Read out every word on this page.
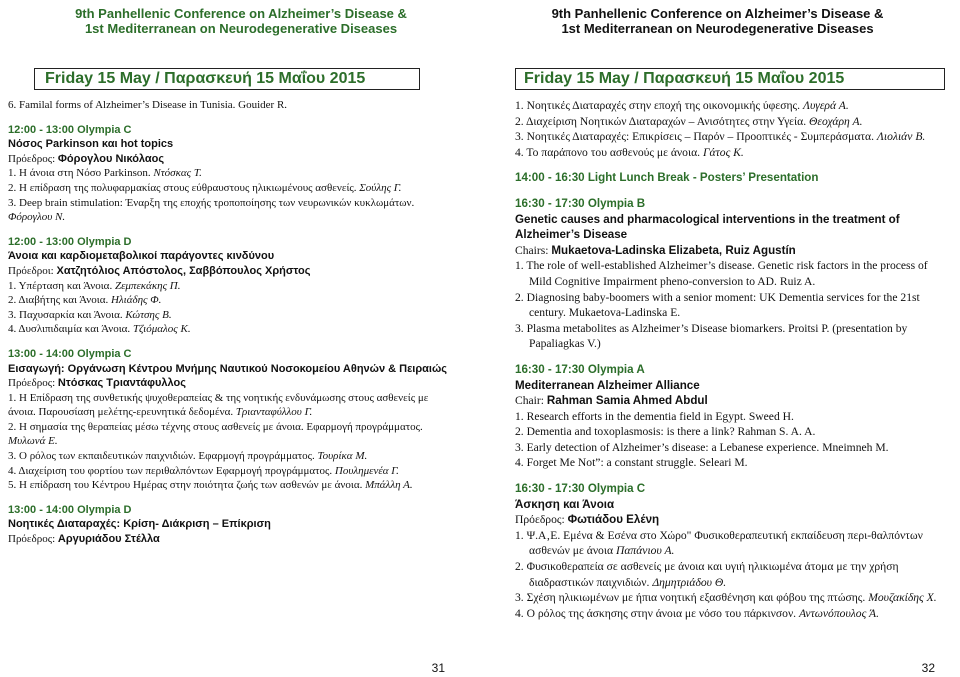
9th Panhellenic Conference on Alzheimer’s Disease &
1st Mediterranean on Neurodegenerative Diseases
Friday 15 May / Παρασκευή 15 Μαΐου 2015

6. Familal forms of Alzheimer’s Disease in Tunisia. Gouider R.

12:00 - 13:00 Olympia C

Νόσος Parkinson και hot topics

Πρόεδρος: Φόρογλου Νικόλαος

1. Η άνοια στη Νόσο Parkinson. Ντόσκας Τ.

2. Η επίδραση της πολυφαρμακίας στους εύθραυστους ηλικιωμένους ασθενείς. Σούλης Γ.

3. Deep brain stimulation: Έναρξη της εποχής τροποποίησης των νευρωνικών κυκλωμάτων. Φόρογλου Ν.

12:00 - 13:00 Olympia D

Άνοια και καρδιομεταβολικοί παράγοντες κινδύνου

Πρόεδροι: Χατζητόλιος Απόστολος, Σαββόπουλος Χρήστος

1. Υπέρταση και Άνοια. Ζεμπεκάκης Π.

2. Διαβήτης και Άνοια. Ηλιάδης Φ.

3. Παχυσαρκία και Άνοια. Κώτσης Β.

4. Δυσλιπιδαιμία και Άνοια. Τζιόμαλος Κ.

13:00 - 14:00 Olympia C

Εισαγωγή: Οργάνωση Κέντρου Μνήμης Ναυτικού Νοσοκομείου Αθηνών & Πειραιώς

Πρόεδρος: Ντόσκας Τριαντάφυλλος

1. Η Επίδραση της συνθετικής ψυχοθεραπείας & της νοητικής ενδυνάμωσης στους ασθενείς με άνοια. Παρουσίαση μελέτης-ερευνητικά δεδομένα. Τριανταφύλλου Γ.

2. Η σημασία της θεραπείας μέσω τέχνης στους ασθενείς με άνοια. Εφαρμογή προγράμματος. Μυλωνά Ε.

3. Ο ρόλος των εκπαιδευτικών παιχνιδιών. Εφαρμογή προγράμματος. Τουρίκα Μ.

4. Διαχείριση του φορτίου των περιθαλπόντων Εφαρμογή προγράμματος. Πουλημενέα Γ.

5. Η επίδραση του Κέντρου Ημέρας στην ποιότητα ζωής των ασθενών με άνοια. Μπάλλη Α.

13:00 - 14:00 Olympia D

Νοητικές Διαταραχές: Κρίση- Διάκριση – Επίκριση

Πρόεδρος: Αργυριάδου Στέλλα

31
9th Panhellenic Conference on Alzheimer’s Disease &
1st Mediterranean on Neurodegenerative Diseases
Friday 15 May / Παρασκευή 15 Μαΐου 2015

1. Νοητικές Διαταραχές στην εποχή της οικονομικής ύφεσης. Λυγερά Α.

2. Διαχείριση Νοητικών Διαταραχών – Ανισότητες στην Υγεία. Θεοχάρη Α.

3. Νοητικές Διαταραχές: Επικρίσεις – Παρόν – Προοπτικές - Συμπεράσματα. Λιολιάν Β.

4. Το παράπονο του ασθενούς με άνοια. Γάτος Κ.

14:00 - 16:30 Light Lunch Break - Posters’ Presentation

16:30 - 17:30 Olympia B

Genetic causes and pharmacological interventions in the treatment of Alzheimer’s Disease

Chairs: Mukaetova-Ladinska Elizabeta, Ruiz Agustín

1. The role of well-established Alzheimer’s disease. Genetic risk factors in the process of Mild Cognitive Impairment pheno-conversion to AD. Ruiz A.

2. Diagnosing baby-boomers with a senior moment: UK Dementia services for the 21st century. Mukaetova-Ladinska E.

3. Plasma metabolites as Alzheimer’s Disease biomarkers. Proitsi P. (presentation by Papaliagkas V.)

16:30 - 17:30 Olympia A

Mediterranean Alzheimer Alliance

Chair: Rahman Samia Ahmed Abdul

1. Research efforts in the dementia field in Egypt. Sweed H.

2. Dementia and toxoplasmosis: is there a link? Rahman S. A. A.

3. Early detection of Alzheimer’s disease: a Lebanese experience. Mneimneh M.

4. Forget Me Not”: a constant struggle. Seleari M.

16:30 - 17:30 Olympia C

Άσκηση και Άνοια

Πρόεδρος: Φωτιάδου Ελένη

1. Ψ.Α‚Ε. Εμένα & Εσένα στο Χώρο" Φυσικοθεραπευτική εκπαίδευση περι-θαλπόντων ασθενών με άνοια Παπάνιου Α.

2. Φυσικοθεραπεία σε ασθενείς με άνοια και υγιή ηλικιωμένα άτομα με την χρήση διαδραστικών παιχνιδιών. Δημητριάδου Θ.

3. Σχέση ηλικιωμένων με ήπια νοητική εξασθένηση και φόβου της πτώσης. Μουζακίδης Χ.

4. Ο ρόλος της άσκησης στην άνοια με νόσο του πάρκινσον. Αντωνόπουλος Ά.

32
